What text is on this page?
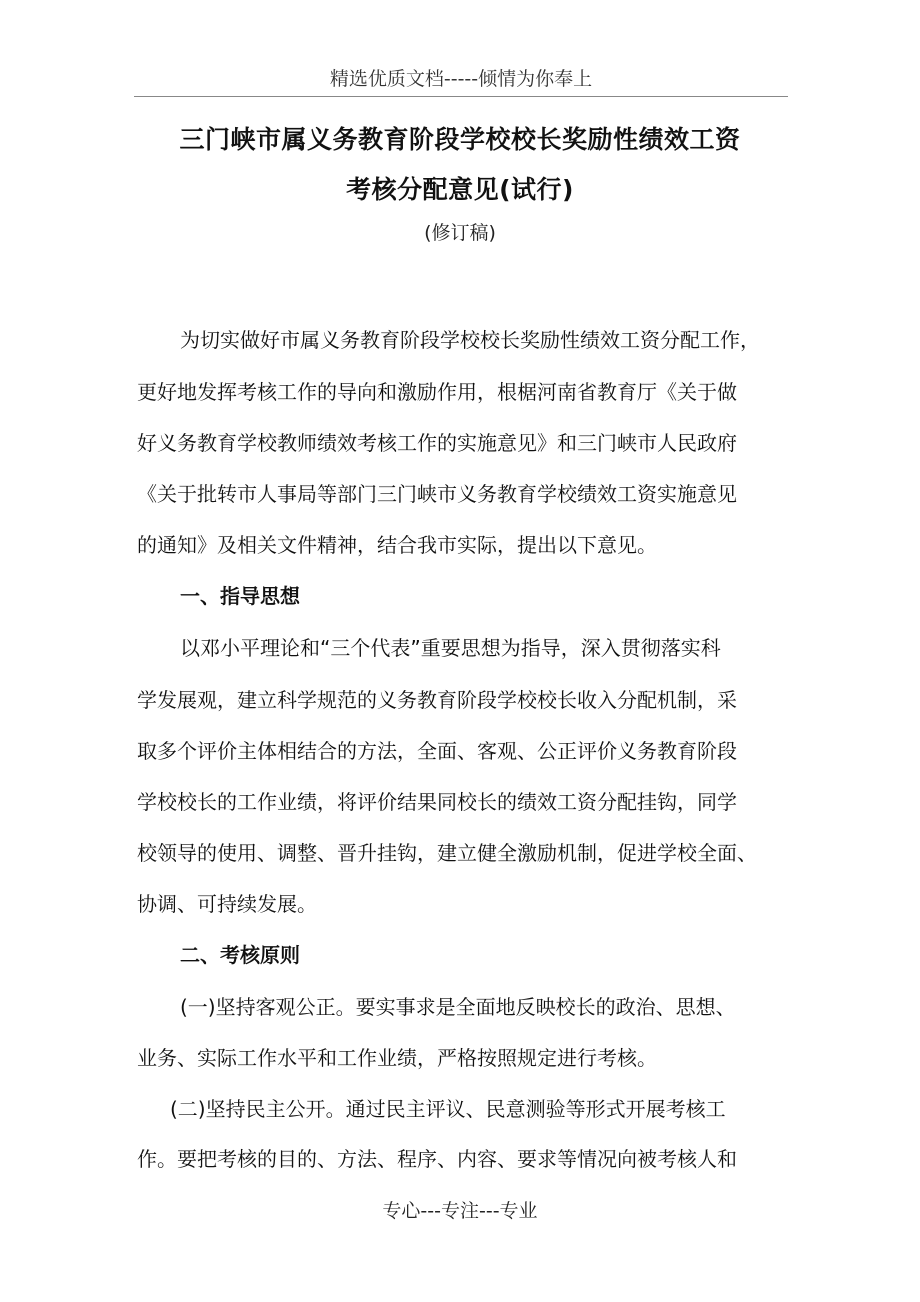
精选优质文档-----倾情为你奉上
三门峡市属义务教育阶段学校校长奖励性绩效工资
考核分配意见(试行)
(修订稿)
为切实做好市属义务教育阶段学校校长奖励性绩效工资分配工作，
更好地发挥考核工作的导向和激励作用，根椐河南省教育厅《关于做
好义务教育学校教师绩效考核工作的实施意见》和三门峡市人民政府
《关于批转市人事局等部门三门峡市义务教育学校绩效工资实施意见
的通知》及相关文件精神，结合我市实际，提出以下意见。
一、指导思想
以邓小平理论和“三个代表”重要思想为指导，深入贯彻落实科
学发展观，建立科学规范的义务教育阶段学校校长收入分配机制，采
取多个评价主体相结合的方法，全面、客观、公正评价义务教育阶段
学校校长的工作业绩，将评价结果同校长的绩效工资分配挂钩，同学
校领导的使用、调整、晋升挂钩，建立健全激励机制，促进学校全面、
协调、可持续发展。
二、考核原则
(一)坚持客观公正。要实事求是全面地反映校长的政治、思想、
业务、实际工作水平和工作业绩，严格按照规定进行考核。
(二)坚持民主公开。通过民主评议、民意测验等形式开展考核工
作。要把考核的目的、方法、程序、内容、要求等情况向被考核人和
专心---专注---专业
